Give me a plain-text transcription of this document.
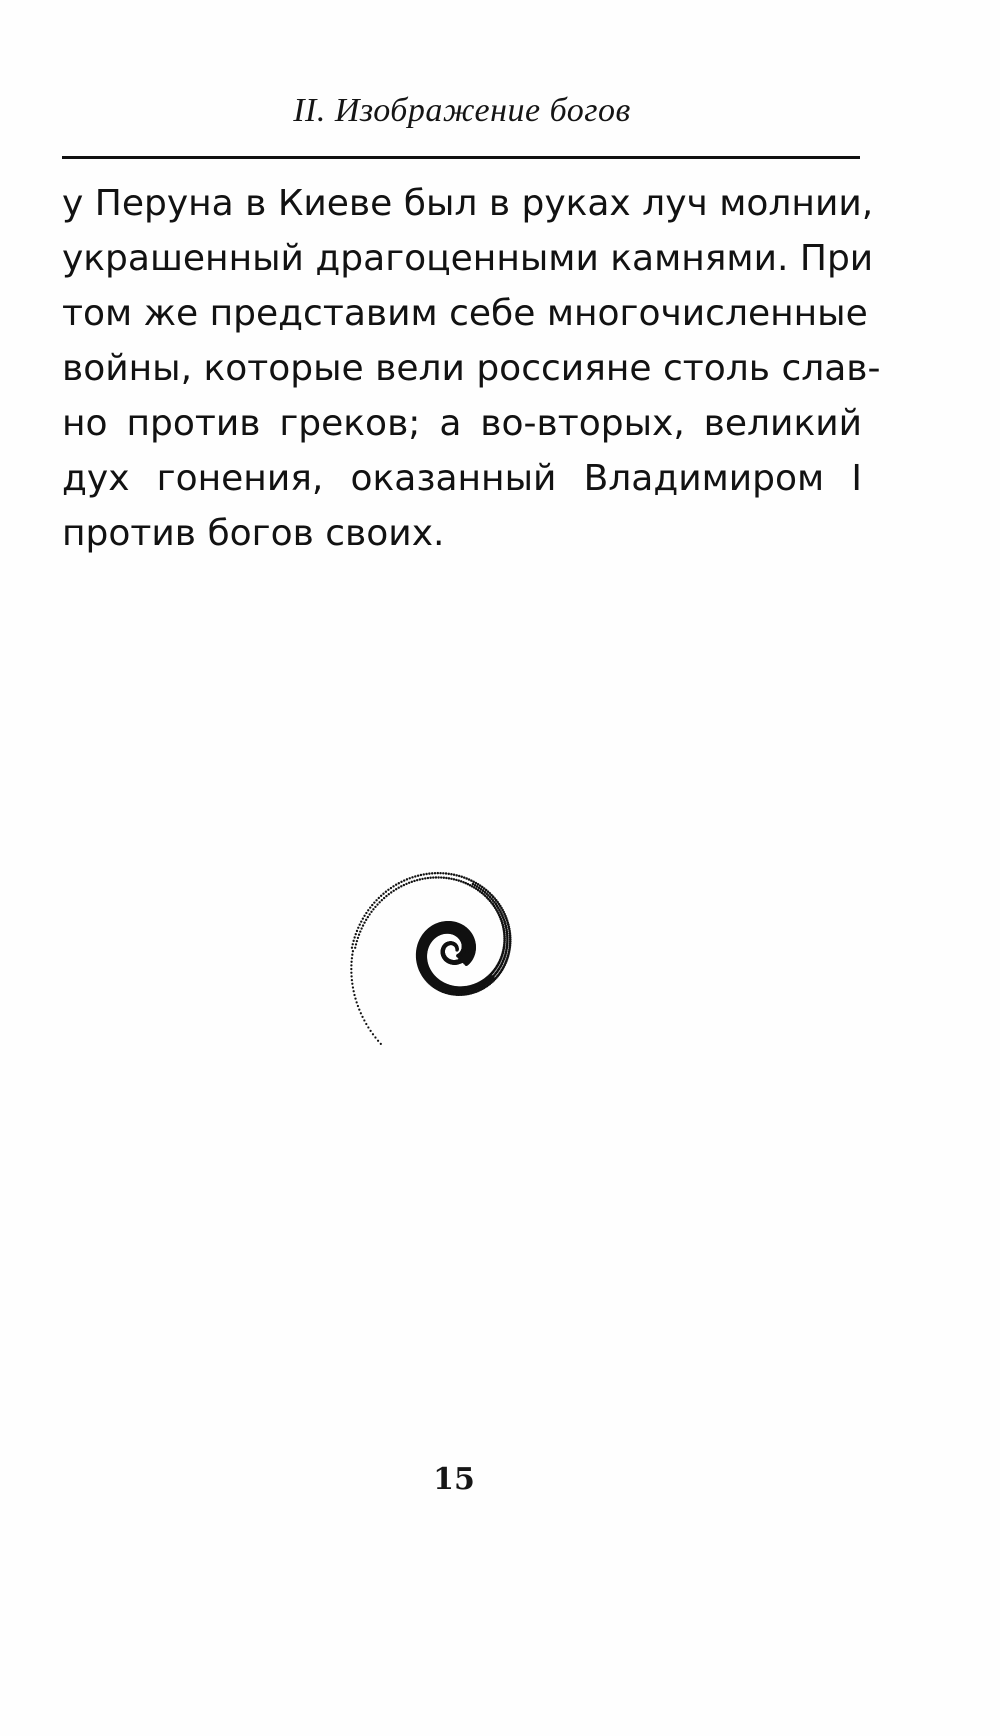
II. Изображение богов
у Перуна в Киеве был в руках луч молнии,
украшенный драгоценными камнями. При
том же представим себе многочисленные
войны, которые вели россияне столь слав-
но против греков; а во-вторых, великий
дух гонения, оказанный Владимиром I
против богов своих.
15
